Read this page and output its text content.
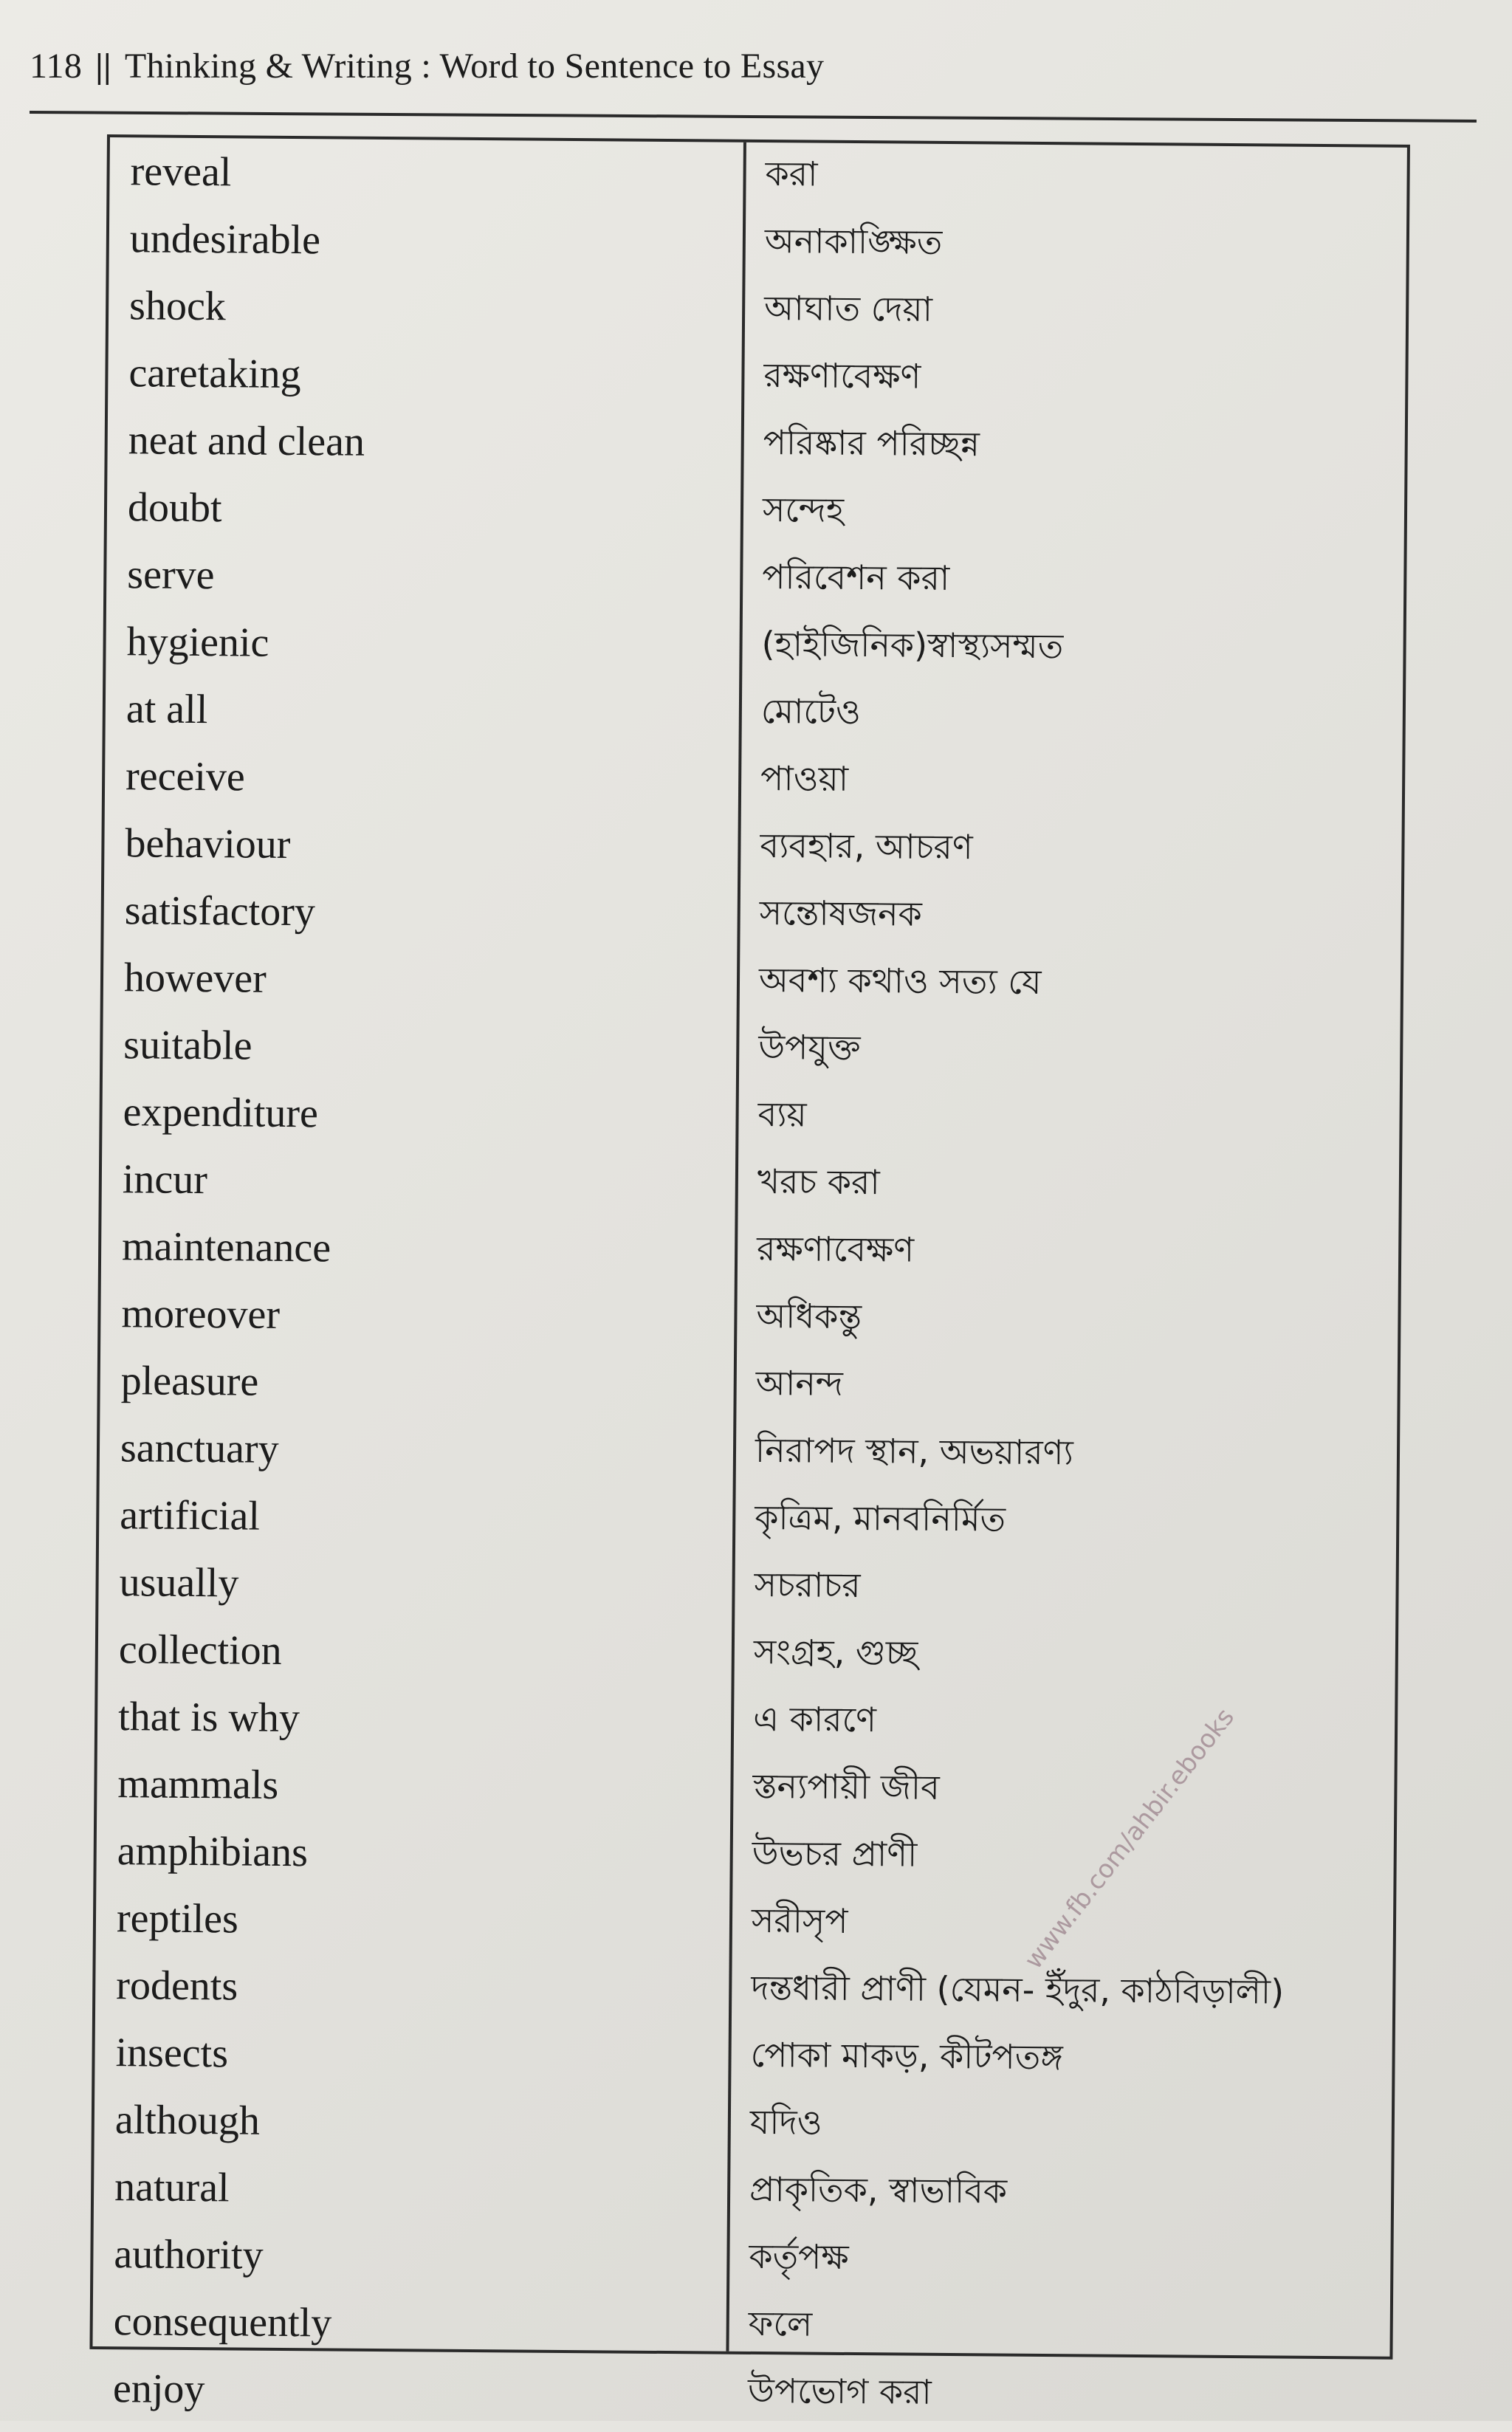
118 || Thinking & Writing : Word to Sentence to Essay
reveal	করা
undesirable	অনাকাঙ্ক্ষিত
shock	আঘাত দেয়া
caretaking	রক্ষণাবেক্ষণ
neat and clean	পরিষ্কার পরিচ্ছন্ন
doubt	সন্দেহ
serve	পরিবেশন করা
hygienic	(হাইজিনিক)স্বাস্থ্যসম্মত
at all	মোটেও
receive	পাওয়া
behaviour	ব্যবহার, আচরণ
satisfactory	সন্তোষজনক
however	অবশ্য কথাও সত্য যে
suitable	উপযুক্ত
expenditure	ব্যয়
incur	খরচ করা
maintenance	রক্ষণাবেক্ষণ
moreover	অধিকন্তু
pleasure	আনন্দ
sanctuary	নিরাপদ স্থান, অভয়ারণ্য
artificial	কৃত্রিম, মানবনির্মিত
usually	সচরাচর
collection	সংগ্রহ, গুচ্ছ
that is why	এ কারণে
mammals	স্তন্যপায়ী জীব
amphibians	উভচর প্রাণী
reptiles	সরীসৃপ
rodents	দন্তধারী প্রাণী (যেমন- ইঁদুর, কাঠবিড়ালী)
insects	পোকা মাকড়, কীটপতঙ্গ
although	যদিও
natural	প্রাকৃতিক, স্বাভাবিক
authority	কর্তৃপক্ষ
consequently	ফলে
enjoy	উপভোগ করা
www.fb.com/ahbir.ebooks
